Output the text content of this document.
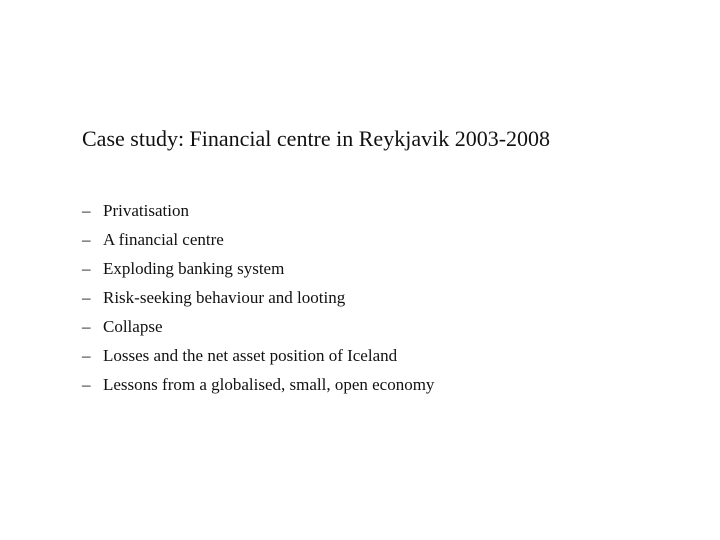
Case study: Financial centre in Reykjavik 2003-2008
– Privatisation
– A financial centre
– Exploding banking system
– Risk-seeking behaviour and looting
– Collapse
– Losses and the net asset position of Iceland
– Lessons from a globalised, small, open economy
